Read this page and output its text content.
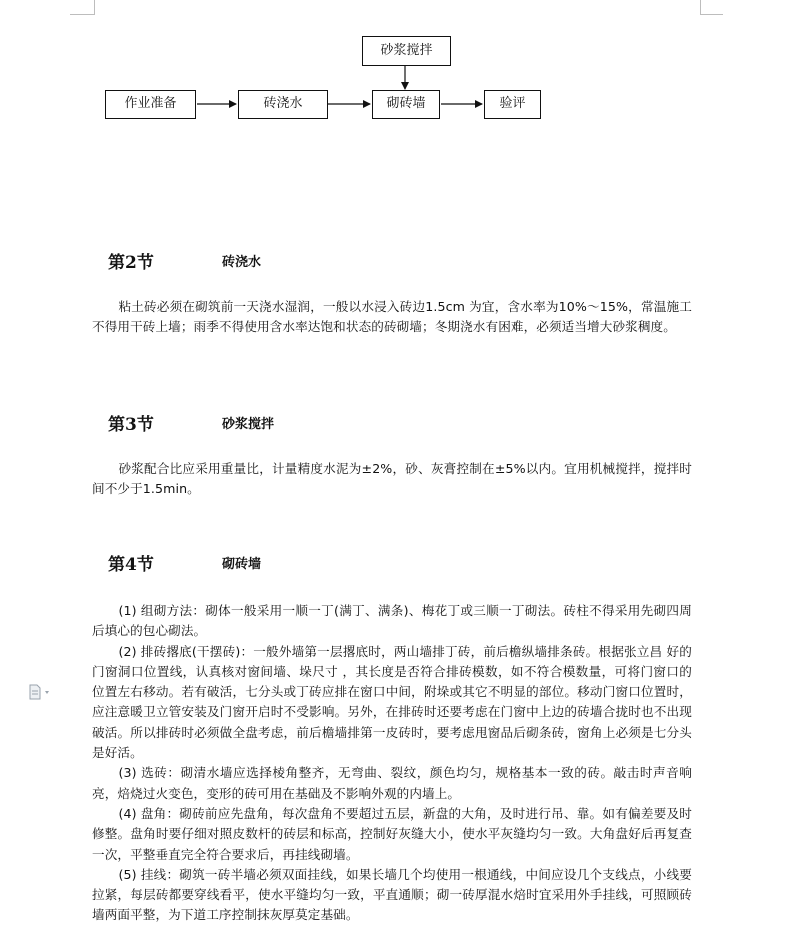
砂浆搅拌
作业准备	砖浇水	砌砖墙	验评
第2节	砖浇水

粘土砖必须在砌筑前一天浇水湿润，一般以水浸入砖边1.5cm 为宜，含水率为10%～15%，常温施工不得用干砖上墙；雨季不得使用含水率达饱和状态的砖砌墙；冬期浇水有困难，必须适当增大砂浆稠度。

第3节	砂浆搅拌

砂浆配合比应采用重量比，计量精度水泥为±2%，砂、灰膏控制在±5%以内。宜用机械搅拌，搅拌时间不少于1.5min。

第4节	砌砖墙

(1) 组砌方法：砌体一般采用一顺一丁(满丁、满条)、梅花丁或三顺一丁砌法。砖柱不得采用先砌四周后填心的包心砌法。

(2) 排砖撂底(干摆砖)：一般外墙第一层撂底时，两山墙排丁砖，前后檐纵墙排条砖。根据张立昌 好的门窗洞口位置线，认真核对窗间墙、垛尺寸 ，其长度是否符合排砖模数，如不符合模数量，可将门窗口的位置左右移动。若有破活，七分头或丁砖应排在窗口中间，附垛或其它不明显的部位。移动门窗口位置时，应注意暖卫立管安装及门窗开启时不受影响。另外，在排砖时还要考虑在门窗中上边的砖墙合拢时也不出现破活。所以排砖时必须做全盘考虑，前后檐墙排第一皮砖时，要考虑甩窗品后砌条砖，窗角上必须是七分头是好活。

(3) 选砖：砌清水墙应选择棱角整齐，无弯曲、裂纹，颜色均匀，规格基本一致的砖。敲击时声音响亮，焙烧过火变色，变形的砖可用在基础及不影响外观的内墙上。

(4) 盘角：砌砖前应先盘角，每次盘角不要超过五层，新盘的大角，及时进行吊、靠。如有偏差要及时修整。盘角时要仔细对照皮数杆的砖层和标高，控制好灰缝大小，使水平灰缝均匀一致。大角盘好后再复查一次，平整垂直完全符合要求后，再挂线砌墙。

(5) 挂线：砌筑一砖半墙必须双面挂线，如果长墙几个均使用一根通线，中间应设几个支线点，小线要拉紧，每层砖都要穿线看平，使水平缝均匀一致，平直通顺；砌一砖厚混水焙时宜采用外手挂线，可照顾砖墙两面平整，为下道工序控制抹灰厚莫定基础。
